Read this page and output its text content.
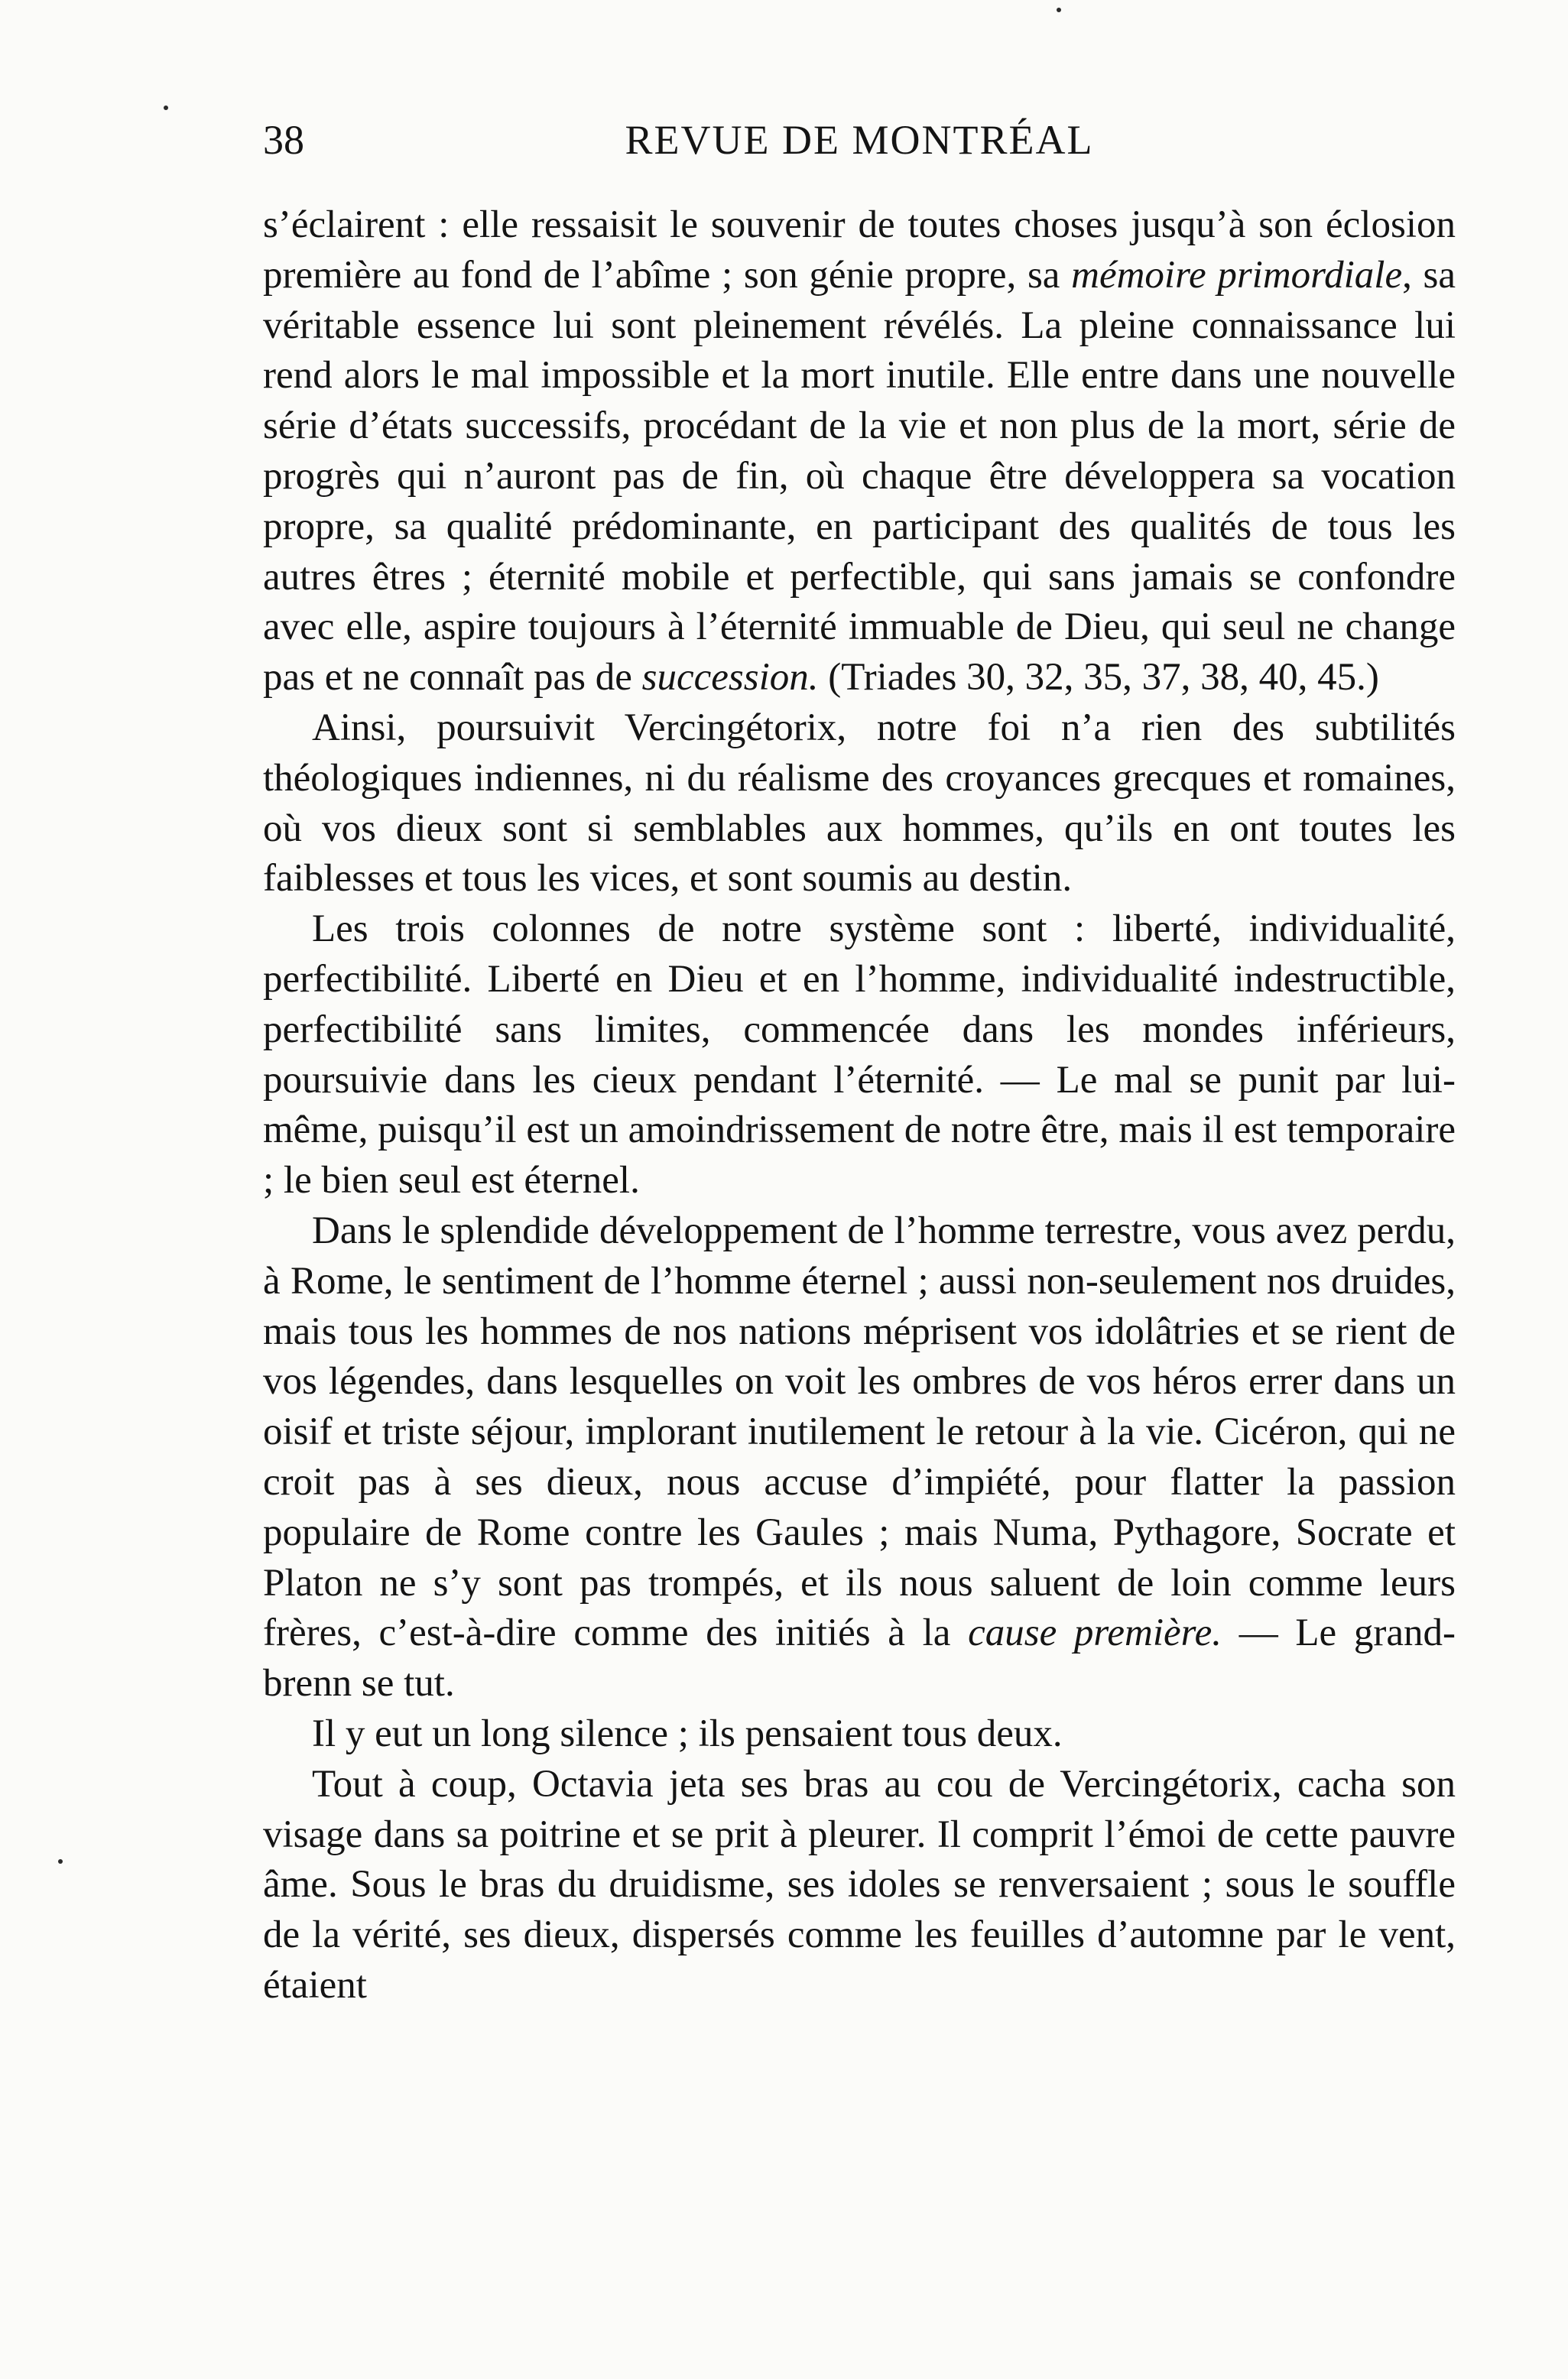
38	REVUE DE MONTRÉAL

s’éclairent : elle ressaisit le souvenir de toutes choses jusqu’à son éclosion première au fond de l’abîme ; son génie propre, sa mémoire primordiale, sa véritable essence lui sont pleinement révélés. La pleine connaissance lui rend alors le mal impossible et la mort inutile. Elle entre dans une nouvelle série d’états successifs, procédant de la vie et non plus de la mort, série de progrès qui n’auront pas de fin, où chaque être développera sa vocation propre, sa qualité prédominante, en participant des qualités de tous les autres êtres ; éternité mobile et perfectible, qui sans jamais se confondre avec elle, aspire toujours à l’éternité immuable de Dieu, qui seul ne change pas et ne connaît pas de succession. (Triades 30, 32, 35, 37, 38, 40, 45.)

Ainsi, poursuivit Vercingétorix, notre foi n’a rien des subtilités théologiques indiennes, ni du réalisme des croyances grecques et romaines, où vos dieux sont si semblables aux hommes, qu’ils en ont toutes les faiblesses et tous les vices, et sont soumis au destin.

Les trois colonnes de notre système sont : liberté, individualité, perfectibilité. Liberté en Dieu et en l’homme, individualité indestructible, perfectibilité sans limites, commencée dans les mondes inférieurs, poursuivie dans les cieux pendant l’éternité. — Le mal se punit par lui-même, puisqu’il est un amoindrissement de notre être, mais il est temporaire ; le bien seul est éternel.

Dans le splendide développement de l’homme terrestre, vous avez perdu, à Rome, le sentiment de l’homme éternel ; aussi non-seulement nos druides, mais tous les hommes de nos nations méprisent vos idolâtries et se rient de vos légendes, dans lesquelles on voit les ombres de vos héros errer dans un oisif et triste séjour, implorant inutilement le retour à la vie. Cicéron, qui ne croit pas à ses dieux, nous accuse d’impiété, pour flatter la passion populaire de Rome contre les Gaules ; mais Numa, Pythagore, Socrate et Platon ne s’y sont pas trompés, et ils nous saluent de loin comme leurs frères, c’est-à-dire comme des initiés à la cause première. — Le grand-brenn se tut.

Il y eut un long silence ; ils pensaient tous deux.

Tout à coup, Octavia jeta ses bras au cou de Vercingétorix, cacha son visage dans sa poitrine et se prit à pleurer. Il comprit l’émoi de cette pauvre âme. Sous le bras du druidisme, ses idoles se renversaient ; sous le souffle de la vérité, ses dieux, dispersés comme les feuilles d’automne par le vent, étaient
